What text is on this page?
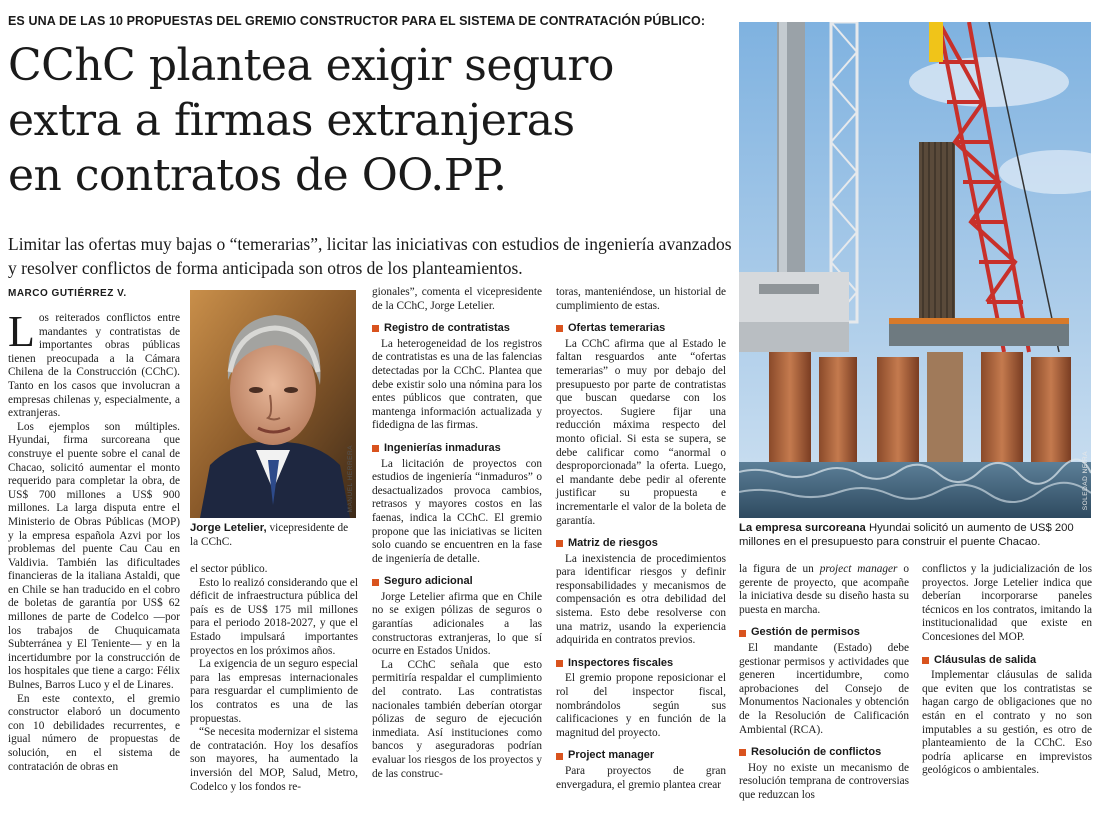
ES UNA DE LAS 10 PROPUESTAS DEL GREMIO CONSTRUCTOR PARA EL SISTEMA DE CONTRATACIÓN PÚBLICO:
CChC plantea exigir seguro
extra a firmas extranjeras
en contratos de OO.PP.
Limitar las ofertas muy bajas o “temerarias”, licitar las iniciativas con estudios de ingeniería avanzados y resolver conflictos de forma anticipada son otros de los planteamientos.
MARCO GUTIÉRREZ V.

Los reiterados conflictos entre mandantes y contratistas de importantes obras públicas tienen preocupada a la Cámara Chilena de la Construcción (CChC). Tanto en los casos que involucran a empresas chilenas y, especialmente, a extranjeras.

Los ejemplos son múltiples. Hyundai, firma surcoreana que construye el puente sobre el canal de Chacao, solicitó aumentar el monto requerido para completar la obra, de US$ 700 millones a US$ 900 millones. La larga disputa entre el Ministerio de Obras Públicas (MOP) y la empresa española Azvi por los problemas del puente Cau Cau en Valdivia. También las dificultades financieras de la italiana Astaldi, que en Chile se han traducido en el cobro de boletas de garantía por US$ 62 millones de parte de Codelco —por los trabajos de Chuquicamata Subterránea y El Teniente— y en la incertidumbre por la construcción de los hospitales que tiene a cargo: Félix Bulnes, Barros Luco y el de Linares.

En este contexto, el gremio constructor elaboró un documento con 10 debilidades recurrentes, e igual número de propuestas de solución, en el sistema de contratación de obras en

MANUEL HERRERA
Jorge Letelier, vicepresidente de la CChC.

el sector público.

Esto lo realizó considerando que el déficit de infraestructura pública del país es de US$ 175 mil millones para el periodo 2018-2027, y que el Estado impulsará importantes proyectos en los próximos años.

La exigencia de un seguro especial para las empresas internacionales para resguardar el cumplimiento de los contratos es una de las propuestas.

“Se necesita modernizar el sistema de contratación. Hoy los desafíos son mayores, ha aumentado la inversión del MOP, Salud, Metro, Codelco y los fondos re-

gionales”, comenta el vicepresidente de la CChC, Jorge Letelier.

Registro de contratistas

La heterogeneidad de los registros de contratistas es una de las falencias detectadas por la CChC. Plantea que debe existir solo una nómina para los entes públicos que contraten, que mantenga información actualizada y fidedigna de las firmas.

Ingenierías inmaduras

La licitación de proyectos con estudios de ingeniería “inmaduros” o desactualizados provoca cambios, retrasos y mayores costos en las faenas, indica la CChC. El gremio propone que las iniciativas se liciten solo cuando se encuentren en la fase de ingeniería de detalle.

Seguro adicional

Jorge Letelier afirma que en Chile no se exigen pólizas de seguros o garantías adicionales a las constructoras extranjeras, lo que sí ocurre en Estados Unidos.

La CChC señala que esto permitiría respaldar el cumplimiento del contrato. Las contratistas nacionales también deberían otorgar pólizas de seguro de ejecución inmediata. Así instituciones como bancos y aseguradoras podrían evaluar los riesgos de los proyectos y de las construc-

toras, manteniéndose, un historial de cumplimiento de estas.

Ofertas temerarias

La CChC afirma que al Estado le faltan resguardos ante “ofertas temerarias” o muy por debajo del presupuesto por parte de contratistas que buscan quedarse con los proyectos. Sugiere fijar una reducción máxima respecto del monto oficial. Si esta se supera, se debe calificar como “anormal o desproporcionada” la oferta. Luego, el mandante debe pedir al oferente justificar su propuesta e incrementarle el valor de la boleta de garantía.

Matriz de riesgos

La inexistencia de procedimientos para identificar riesgos y definir responsabilidades y mecanismos de compensación es otra debilidad del sistema. Esto debe resolverse con una matriz, usando la experiencia adquirida en contratos previos.

Inspectores fiscales

El gremio propone reposicionar el rol del inspector fiscal, nombrándolos según sus calificaciones y en función de la magnitud del proyecto.

Project manager

Para proyectos de gran envergadura, el gremio plantea crear

SOLEDAD NEIRA
La empresa surcoreana Hyundai solicitó un aumento de US$ 200 millones en el presupuesto para construir el puente Chacao.

la figura de un project manager o gerente de proyecto, que acompañe la iniciativa desde su diseño hasta su puesta en marcha.

Gestión de permisos

El mandante (Estado) debe gestionar permisos y actividades que generen incertidumbre, como aprobaciones del Consejo de Monumentos Nacionales y obtención de la Resolución de Calificación Ambiental (RCA).

Resolución de conflictos

Hoy no existe un mecanismo de resolución temprana de controversias que reduzcan los

conflictos y la judicialización de los proyectos. Jorge Letelier indica que deberían incorporarse paneles técnicos en los contratos, imitando la institucionalidad que existe en Concesiones del MOP.

Cláusulas de salida

Implementar cláusulas de salida que eviten que los contratistas se hagan cargo de obligaciones que no están en el contrato y no son imputables a su gestión, es otro de planteamiento de la CChC. Eso podría aplicarse en imprevistos geológicos o ambientales.
